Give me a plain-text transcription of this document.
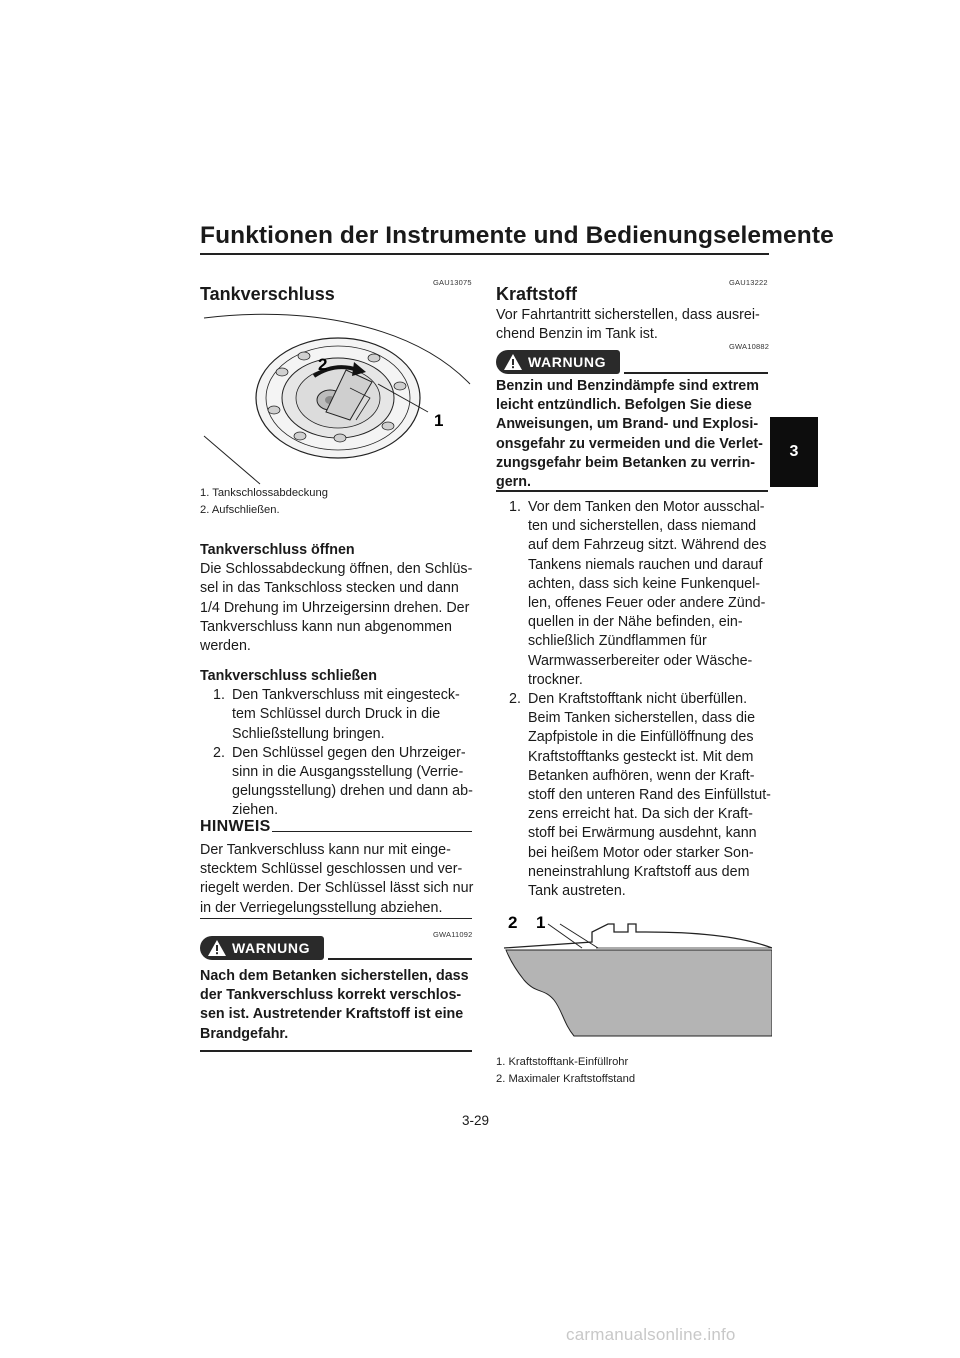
Funktionen der Instrumente und Bedienungselemente
3
GAU13075
Tankverschluss
2
1
1. Tankschlossabdeckung
2. Aufschließen.
Tankverschluss öffnen
Die Schlossabdeckung öffnen, den Schlüs-
sel in das Tankschloss stecken und dann
1/4 Drehung im Uhrzeigersinn drehen. Der
Tankverschluss kann nun abgenommen
werden.
Tankverschluss schließen
1. Den Tankverschluss mit eingesteck-
tem Schlüssel durch Druck in die
Schließstellung bringen.
2. Den Schlüssel gegen den Uhrzeiger-
sinn in die Ausgangsstellung (Verrie-
gelungsstellung) drehen und dann ab-
ziehen.
HINWEIS
Der Tankverschluss kann nur mit einge-
stecktem Schlüssel geschlossen und ver-
riegelt werden. Der Schlüssel lässt sich nur
in der Verriegelungsstellung abziehen.
GWA11092
WARNUNG
Nach dem Betanken sicherstellen, dass
der Tankverschluss korrekt verschlos-
sen ist. Austretender Kraftstoff ist eine
Brandgefahr.
GAU13222
Kraftstoff
Vor Fahrtantritt sicherstellen, dass ausrei-
chend Benzin im Tank ist.
GWA10882
WARNUNG
Benzin und Benzindämpfe sind extrem
leicht entzündlich. Befolgen Sie diese
Anweisungen, um Brand- und Explosi-
onsgefahr zu vermeiden und die Verlet-
zungsgefahr beim Betanken zu verrin-
gern.
1. Vor dem Tanken den Motor ausschal-
ten und sicherstellen, dass niemand
auf dem Fahrzeug sitzt. Während des
Tankens niemals rauchen und darauf
achten, dass sich keine Funkenquel-
len, offenes Feuer oder andere Zünd-
quellen in der Nähe befinden, ein-
schließlich Zündflammen für
Warmwasserbereiter oder Wäsche-
trockner.
2. Den Kraftstofftank nicht überfüllen.
Beim Tanken sicherstellen, dass die
Zapfpistole in die Einfüllöffnung des
Kraftstofftanks gesteckt ist. Mit dem
Betanken aufhören, wenn der Kraft-
stoff den unteren Rand des Einfüllstut-
zens erreicht hat. Da sich der Kraft-
stoff bei Erwärmung ausdehnt, kann
bei heißem Motor oder starker Son-
neneinstrahlung Kraftstoff aus dem
Tank austreten.
2 1
1. Kraftstofftank-Einfüllrohr
2. Maximaler Kraftstoffstand
3-29
carmanualsonline.info
